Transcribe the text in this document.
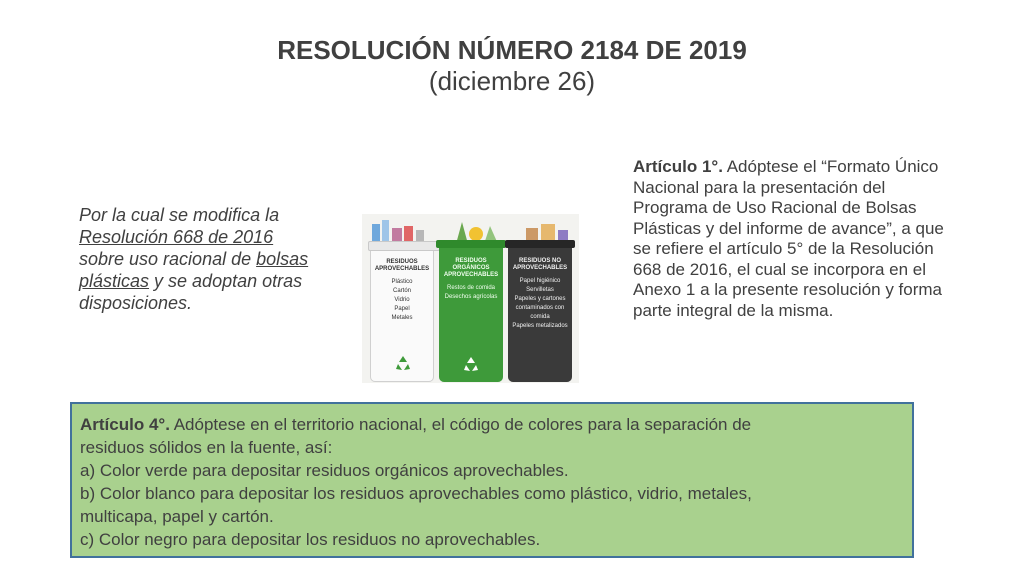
RESOLUCIÓN NÚMERO 2184 DE 2019
(diciembre 26)
Por la cual se modifica la Resolución 668 de 2016 sobre uso racional de bolsas plásticas y se adoptan otras disposiciones.
RESIDUOS APROVECHABLES
Plástico
Cartón
Vidrio
Papel
Metales
RESIDUOS ORGÁNICOS APROVECHABLES
Restos de comida
Desechos agrícolas
RESIDUOS NO APROVECHABLES
Papel higiénico
Servilletas
Papeles y cartones contaminados con comida
Papeles metalizados
Artículo 1°. Adóptese el “Formato Único Nacional para la presentación del Programa de Uso Racional de Bolsas Plásticas y del informe de avance”, a que se refiere el artículo 5° de la Resolución 668 de 2016, el cual se incorpora en el Anexo 1 a la presente resolución y forma parte integral de la misma.
Artículo 4°. Adóptese en el territorio nacional, el código de colores para la separación de
residuos sólidos en la fuente, así:
a) Color verde para depositar residuos orgánicos aprovechables.
b) Color blanco para depositar los residuos aprovechables como plástico, vidrio, metales,
multicapa, papel y cartón.
c) Color negro para depositar los residuos no aprovechables.
